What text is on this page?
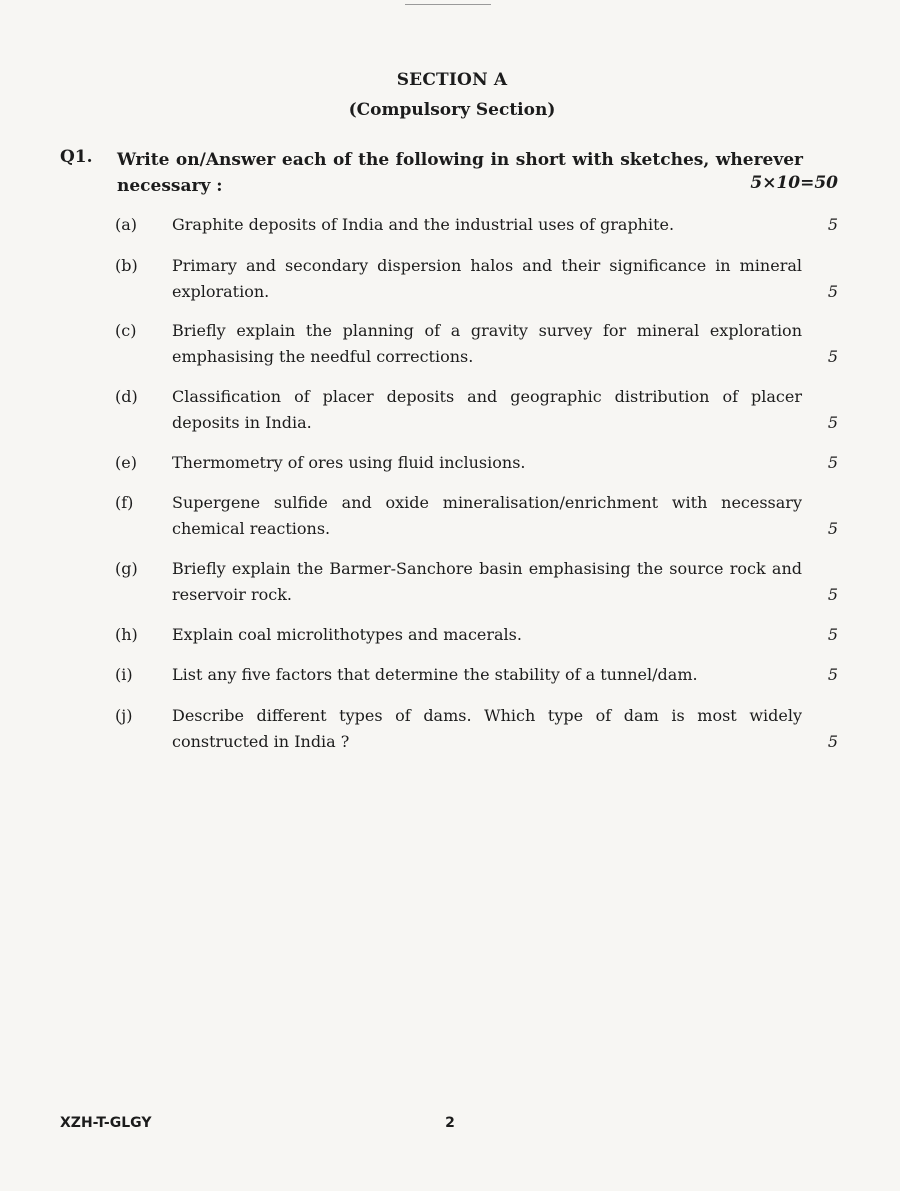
SECTION A
(Compulsory Section)
Q1. Write on/Answer each of the following in short with sketches, wherever necessary :	5×10=50
(a) Graphite deposits of India and the industrial uses of graphite.	5
(b) Primary and secondary dispersion halos and their significance in mineral exploration.	5
(c) Briefly explain the planning of a gravity survey for mineral exploration emphasising the needful corrections.	5
(d) Classification of placer deposits and geographic distribution of placer deposits in India.	5
(e) Thermometry of ores using fluid inclusions.	5
(f) Supergene sulfide and oxide mineralisation/enrichment with necessary chemical reactions.	5
(g) Briefly explain the Barmer-Sanchore basin emphasising the source rock and reservoir rock.	5
(h) Explain coal microlithotypes and macerals.	5
(i) List any five factors that determine the stability of a tunnel/dam.	5
(j) Describe different types of dams. Which type of dam is most widely constructed in India ?	5
XZH-T-GLGY	2
